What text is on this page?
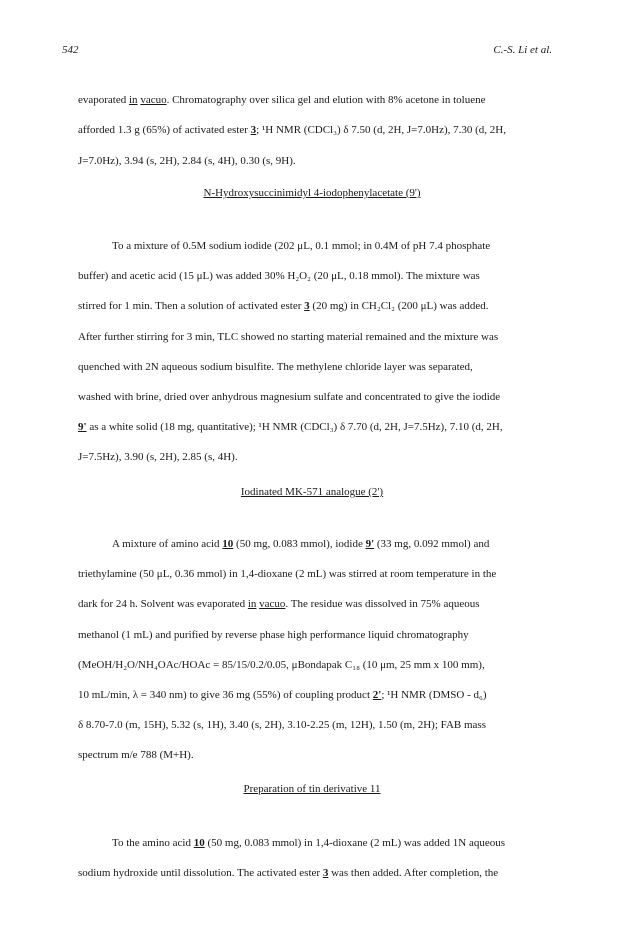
542	C.-S. Li et al.
evaporated in vacuo. Chromatography over silica gel and elution with 8% acetone in toluene
afforded 1.3 g (65%) of activated ester 3; ¹H NMR (CDCl₃) δ 7.50 (d, 2H, J=7.0Hz), 7.30 (d, 2H,
J=7.0Hz), 3.94 (s, 2H), 2.84 (s, 4H), 0.30 (s, 9H).
N-Hydroxysuccinimidyl 4-iodophenylacetate (9')
To a mixture of 0.5M sodium iodide (202 μL, 0.1 mmol; in 0.4M of pH 7.4 phosphate
buffer) and acetic acid (15 μL) was added 30% H₂O₂ (20 μL, 0.18 mmol). The mixture was
stirred for 1 min. Then a solution of activated ester 3 (20 mg) in CH₂Cl₂ (200 μL) was added.
After further stirring for 3 min, TLC showed no starting material remained and the mixture was
quenched with 2N aqueous sodium bisulfite. The methylene chloride layer was separated,
washed with brine, dried over anhydrous magnesium sulfate and concentrated to give the iodide
9' as a white solid (18 mg, quantitative); ¹H NMR (CDCl₃) δ 7.70 (d, 2H, J=7.5Hz), 7.10 (d, 2H,
J=7.5Hz), 3.90 (s, 2H), 2.85 (s, 4H).
Iodinated MK-571 analogue (2')
A mixture of amino acid 10 (50 mg, 0.083 mmol), iodide 9' (33 mg, 0.092 mmol) and
triethylamine (50 μL, 0.36 mmol) in 1,4-dioxane (2 mL) was stirred at room temperature in the
dark for 24 h. Solvent was evaporated in vacuo. The residue was dissolved in 75% aqueous
methanol (1 mL) and purified by reverse phase high performance liquid chromatography
(MeOH/H₂O/NH₄OAc/HOAc = 85/15/0.2/0.05, μBondapak C₁₈ (10 μm, 25 mm x 100 mm),
10 mL/min, λ = 340 nm) to give 36 mg (55%) of coupling product 2'; ¹H NMR (DMSO - d₆)
δ 8.70-7.0 (m, 15H), 5.32 (s, 1H), 3.40 (s, 2H), 3.10-2.25 (m, 12H), 1.50 (m, 2H); FAB mass
spectrum m/e 788 (M+H).
Preparation of tin derivative 11
To the amino acid 10 (50 mg, 0.083 mmol) in 1,4-dioxane (2 mL) was added 1N aqueous
sodium hydroxide until dissolution. The activated ester 3 was then added. After completion, the
